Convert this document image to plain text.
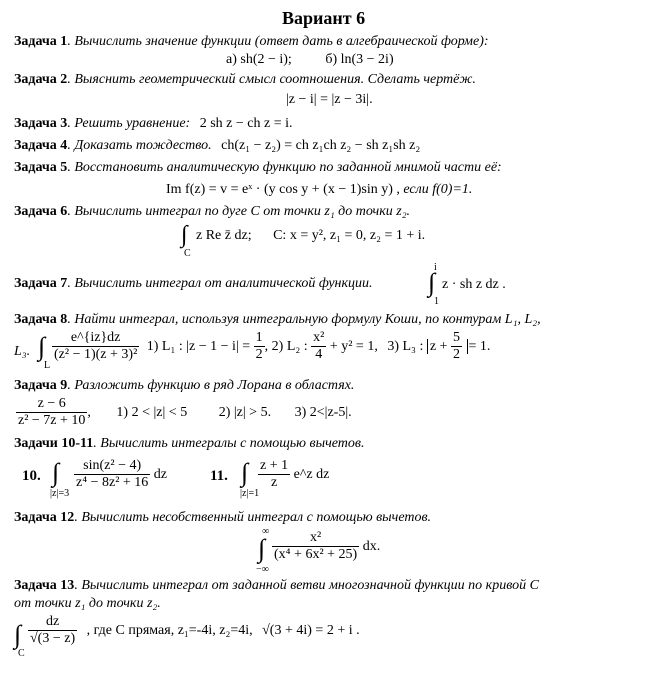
Вариант 6
Задача 1. Вычислить значение функции (ответ дать в алгебраической форме):
а) sh(2 − i); б) ln(3 − 2i)
Задача 2. Выяснить геометрический смысл соотношения. Сделать чертёж.
|z − i| = |z − 3i|.
Задача 3. Решить уравнение: 2 sh z − ch z = i.
Задача 4. Доказать тождество. ch(z₁ − z₂) = ch z₁ch z₂ − sh z₁sh z₂
Задача 5. Восстановить аналитическую функцию по заданной мнимой части её:
Im f(z) = v = eˣ · (y cos y + (x − 1)sin y) , если f(0)=1.
Задача 6. Вычислить интеграл по дуге С от точки z₁ до точки z₂.
∫
C
z Re z̄ dz; C: x = y², z₁ = 0, z₂ = 1 + i.
Задача 7. Вычислить интеграл от аналитической функции.
i
∫
1
z · sh z dz .
Задача 8. Найти интеграл, используя интегральную формулу Коши, по контурам L₁, L₂,
L₃. ∫
L
$\frac{e\^{}\{iz\}dz}{\text{(z² − 1)(z + 3)²}} 1$) L₁ : $|z - 1 - i| = \frac{1}{2}$ , 2) L₂ : $\frac{\text{x²}}{4} + y^2 = 1$, 3) L₃ : $z + \frac{5}{2} = 1$.
Задача 9. Разложить функцию в ряд Лорана в областях.
$\frac{z - 6}{\text{z² − 7z + 10}}$ , 1) 2 < |z| < 5 2) |z| > 5. 3) 2<|z-5|.
Задачи 10-11. Вычислить интегралы с помощью вычетов.
10. ∫
|z|=3
$\frac{\text{sin(z² − 4)}}{\text{z⁴ − 8z² + 16}}$ dz	11. ∫
|z|=1
$\frac{z + 1}{z}$ e^z dz
Задача 12. Вычислить несобственный интеграл с помощью вычетов.
∞
∫
−∞
$\frac{\text{x²}}{\text{(x⁴ + 6x² + 25)}}$ dx.
Задача 13. Вычислить интеграл от заданной ветви многозначной функции по кривой С
от точки z₁ до точки z₂.
∫
C
$\frac{dz}{√(3 - z)}$ , где С прямая, z₁=-4i, z₂=4i, √(3 + 4i) = 2 + i .
